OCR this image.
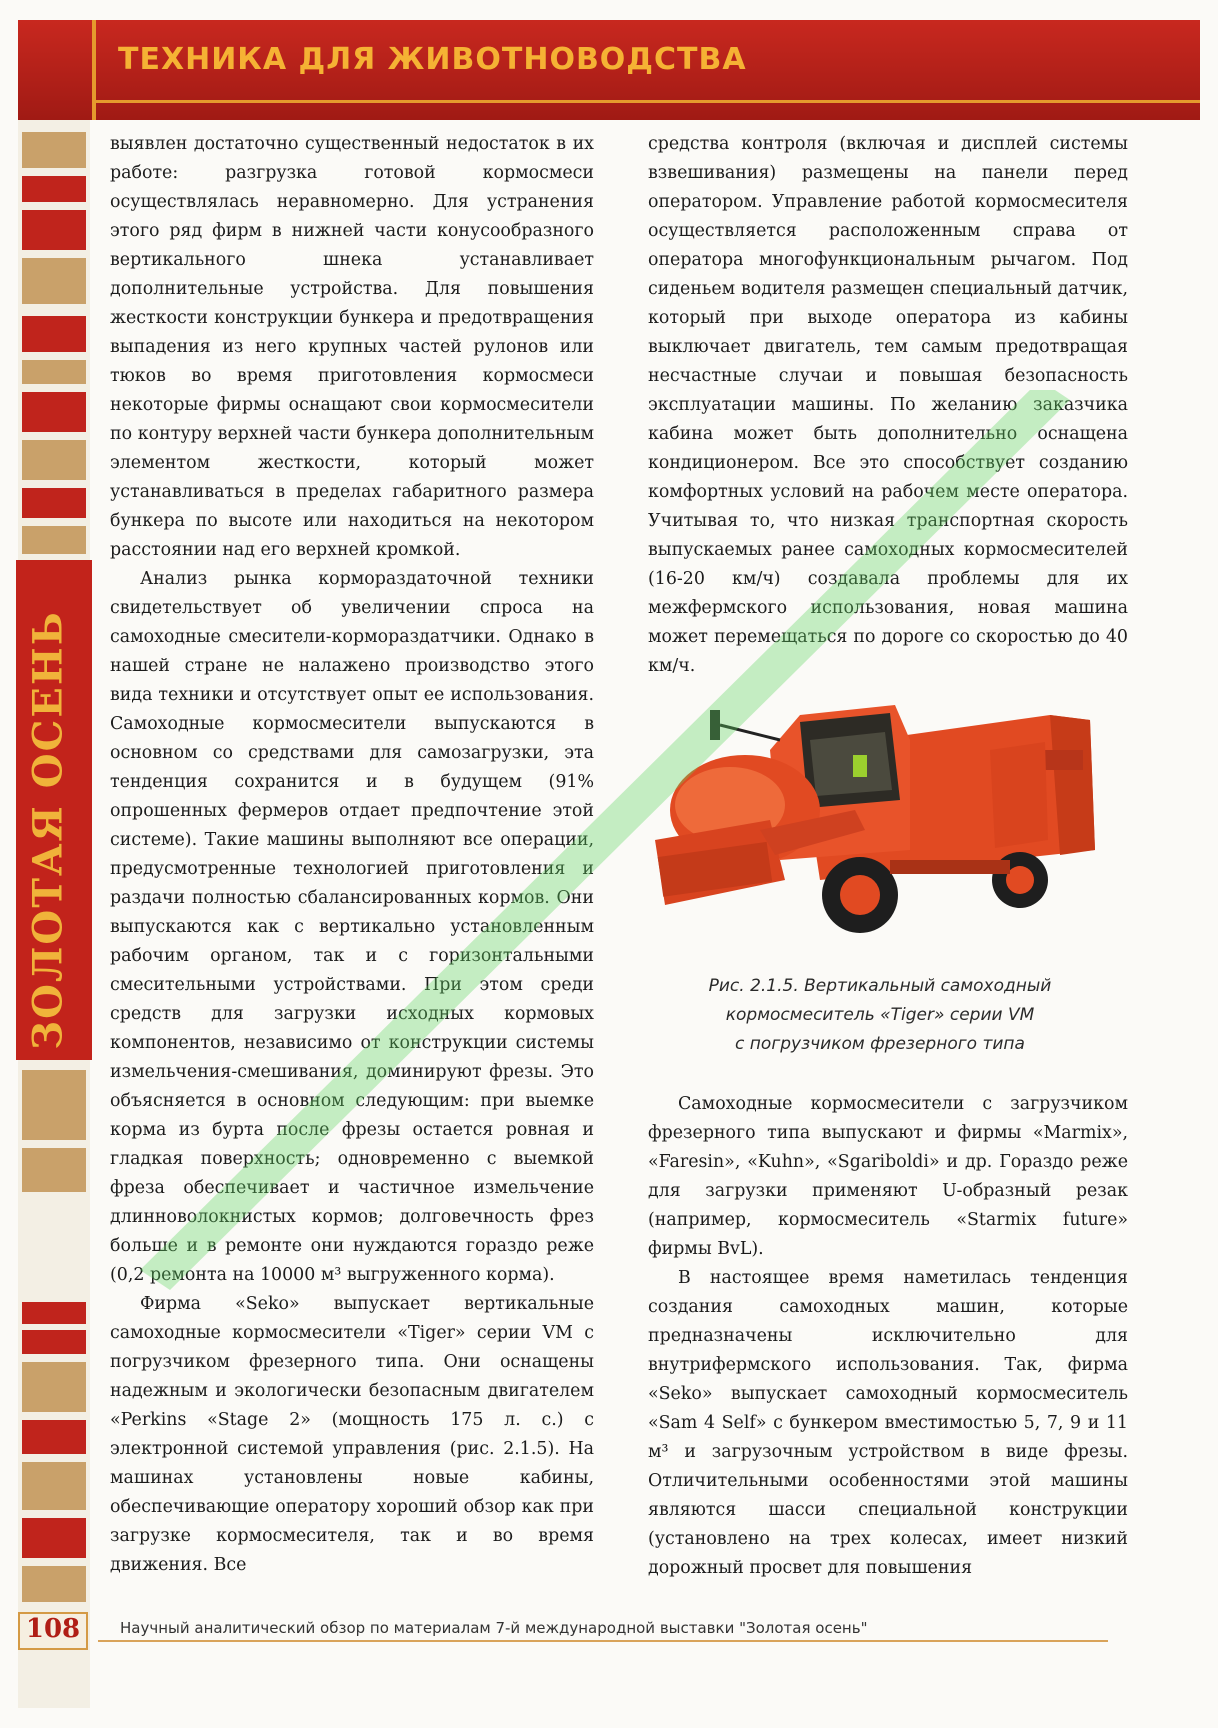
ТЕХНИКА ДЛЯ ЖИВОТНОВОДСТВА
ЗОЛОТАЯ ОСЕНЬ
108	Научный аналитический обзор по материалам 7-й международной выставки "Золотая осень"

выявлен достаточно существенный недостаток в их работе: разгрузка готовой кормосмеси осуществлялась неравномерно. Для устранения этого ряд фирм в нижней части конусообразного вертикального шнека устанавливает дополнительные устройства. Для повышения жесткости конструкции бункера и предотвращения выпадения из него крупных частей рулонов или тюков во время приготовления кормосмеси некоторые фирмы оснащают свои кормосмесители по контуру верхней части бункера дополнительным элементом жесткости, который может устанавливаться в пределах габаритного размера бункера по высоте или находиться на некотором расстоянии над его верхней кромкой.

Анализ рынка кормораздаточной техники свидетельствует об увеличении спроса на самоходные смесители-кормораздатчики. Однако в нашей стране не налажено производство этого вида техники и отсутствует опыт ее использования. Самоходные кормосмесители выпускаются в основном со средствами для самозагрузки, эта тенденция сохранится и в будущем (91% опрошенных фермеров отдает предпочтение этой системе). Такие машины выполняют все операции, предусмотренные технологией приготовления и раздачи полностью сбалансированных кормов. Они выпускаются как с вертикально установленным рабочим органом, так и с горизонтальными смесительными устройствами. При этом среди средств для загрузки исходных кормовых компонентов, независимо от конструкции системы измельчения-смешивания, доминируют фрезы. Это объясняется в основном следующим: при выемке корма из бурта после фрезы остается ровная и гладкая поверхность; одновременно с выемкой фреза обеспечивает и частичное измельчение длинноволокнистых кормов; долговечность фрез больше и в ремонте они нуждаются гораздо реже (0,2 ремонта на 10000 м³ выгруженного корма).

Фирма «Seko» выпускает вертикальные самоходные кормосмесители «Tiger» серии VM с погрузчиком фрезерного типа. Они оснащены надежным и экологически безопасным двигателем «Perkins «Stage 2» (мощность 175 л. с.) с электронной системой управления (рис. 2.1.5). На машинах установлены новые кабины, обеспечивающие оператору хороший обзор как при загрузке кормосмесителя, так и во время движения. Все

средства контроля (включая и дисплей системы взвешивания) размещены на панели перед оператором. Управление работой кормосмесителя осуществляется расположенным справа от оператора многофункциональным рычагом. Под сиденьем водителя размещен специальный датчик, который при выходе оператора из кабины выключает двигатель, тем самым предотвращая несчастные случаи и повышая безопасность эксплуатации машины. По желанию заказчика кабина может быть дополнительно оснащена кондиционером. Все это способствует созданию комфортных условий на рабочем месте оператора. Учитывая то, что низкая транспортная скорость выпускаемых ранее самоходных кормосмесителей (16-20 км/ч) создавала проблемы для их межфермского использования, новая машина может перемещаться по дороге со скоростью до 40 км/ч.

Рис. 2.1.5. Вертикальный самоходный
кормосмеситель «Tiger» серии VM
с погрузчиком фрезерного типа

Самоходные кормосмесители с загрузчиком фрезерного типа выпускают и фирмы «Marmix», «Faresin», «Kuhn», «Sgariboldi» и др. Гораздо реже для загрузки применяют U-образный резак (например, кормосмеситель «Starmix future» фирмы BvL).

В настоящее время наметилась тенденция создания самоходных машин, которые предназначены исключительно для внутрифермского использования. Так, фирма «Seko» выпускает самоходный кормосмеситель «Sam 4 Self» с бункером вместимостью 5, 7, 9 и 11 м³ и загрузочным устройством в виде фрезы. Отличительными особенностями этой машины являются шасси специальной конструкции (установлено на трех колесах, имеет низкий дорожный просвет для повышения
